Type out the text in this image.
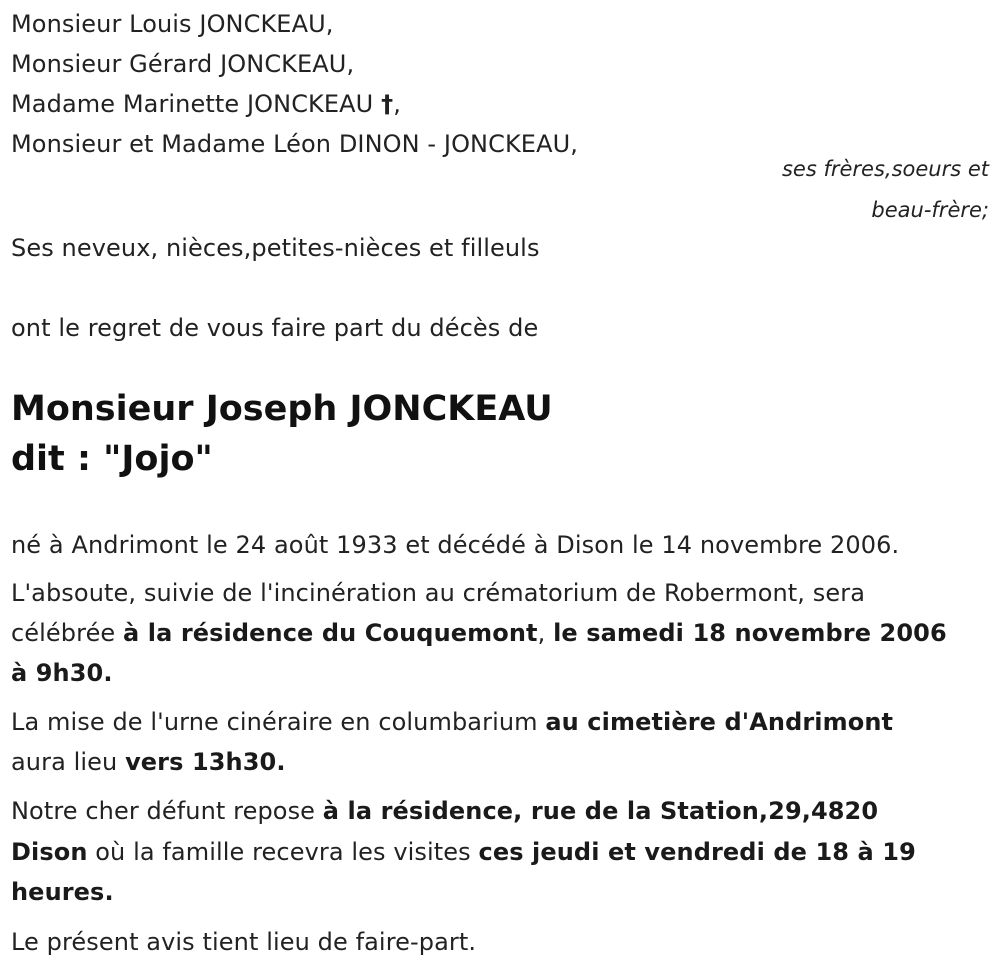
Monsieur Louis JONCKEAU,
Monsieur Gérard JONCKEAU,
Madame Marinette JONCKEAU †,
Monsieur et Madame Léon DINON - JONCKEAU,
ses frères,soeurs et
beau-frère;
Ses neveux, nièces,petites-nièces et filleuls
ont le regret de vous faire part du décès de
Monsieur Joseph JONCKEAU
dit : "Jojo"
né à Andrimont le 24 août 1933 et décédé à Dison le 14 novembre 2006.
L'absoute, suivie de l'incinération au crématorium de Robermont, sera
célébrée à la résidence du Couquemont, le samedi 18 novembre 2006
à 9h30.
La mise de l'urne cinéraire en columbarium au cimetière d'Andrimont
aura lieu vers 13h30.
Notre cher défunt repose à la résidence, rue de la Station,29,4820
Dison où la famille recevra les visites ces jeudi et vendredi de 18 à 19
heures.
Le présent avis tient lieu de faire-part.
